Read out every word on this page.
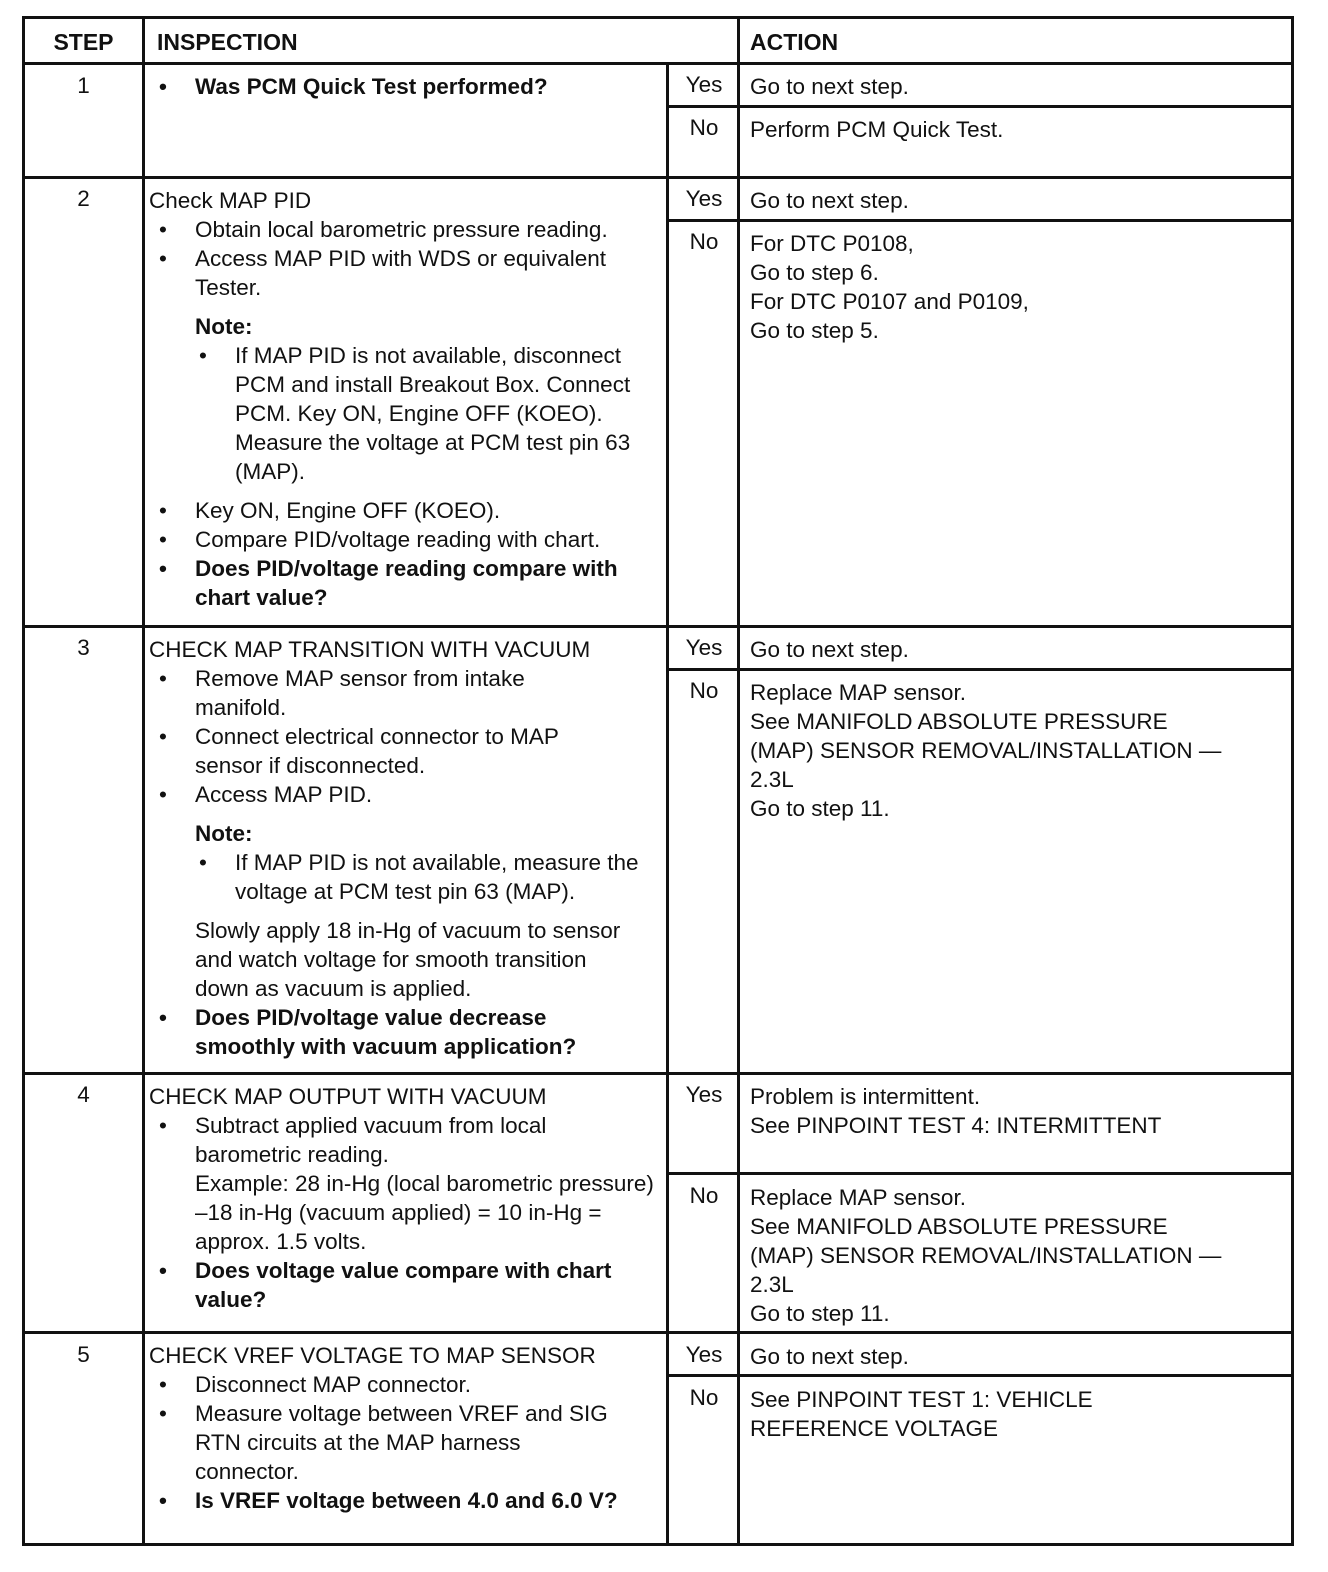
STEP	INSPECTION	ACTION
1
•	Was PCM Quick Test performed?	Yes	Go to next step.
No	Perform PCM Quick Test.
2	Check MAP PID
• Obtain local barometric pressure reading.
• Access MAP PID with WDS or equivalent Tester.
Note:
• If MAP PID is not available, disconnect PCM and install Breakout Box. Connect PCM. Key ON, Engine OFF (KOEO). Measure the voltage at PCM test pin 63 (MAP).
• Key ON, Engine OFF (KOEO).
• Compare PID/voltage reading with chart.
• Does PID/voltage reading compare with chart value?
Yes	Go to next step.
No	For DTC P0108,
Go to step 6.
For DTC P0107 and P0109,
Go to step 5.
3	CHECK MAP TRANSITION WITH VACUUM
• Remove MAP sensor from intake manifold.
• Connect electrical connector to MAP sensor if disconnected.
• Access MAP PID.
Note:
• If MAP PID is not available, measure the voltage at PCM test pin 63 (MAP).
Slowly apply 18 in-Hg of vacuum to sensor and watch voltage for smooth transition down as vacuum is applied.
• Does PID/voltage value decrease smoothly with vacuum application?
Yes	Go to next step.
No	Replace MAP sensor.
See MANIFOLD ABSOLUTE PRESSURE
(MAP) SENSOR REMOVAL/INSTALLATION —
2.3L
Go to step 11.
4	CHECK MAP OUTPUT WITH VACUUM
• Subtract applied vacuum from local barometric reading.
Example: 28 in-Hg (local barometric pressure) –18 in-Hg (vacuum applied) = 10 in-Hg = approx. 1.5 volts.
• Does voltage value compare with chart value?
Yes	Problem is intermittent.
See PINPOINT TEST 4: INTERMITTENT
No	Replace MAP sensor.
See MANIFOLD ABSOLUTE PRESSURE
(MAP) SENSOR REMOVAL/INSTALLATION —
2.3L
Go to step 11.
5	CHECK VREF VOLTAGE TO MAP SENSOR
• Disconnect MAP connector.
• Measure voltage between VREF and SIG RTN circuits at the MAP harness connector.
• Is VREF voltage between 4.0 and 6.0 V?
Yes	Go to next step.
No	See PINPOINT TEST 1: VEHICLE
REFERENCE VOLTAGE
